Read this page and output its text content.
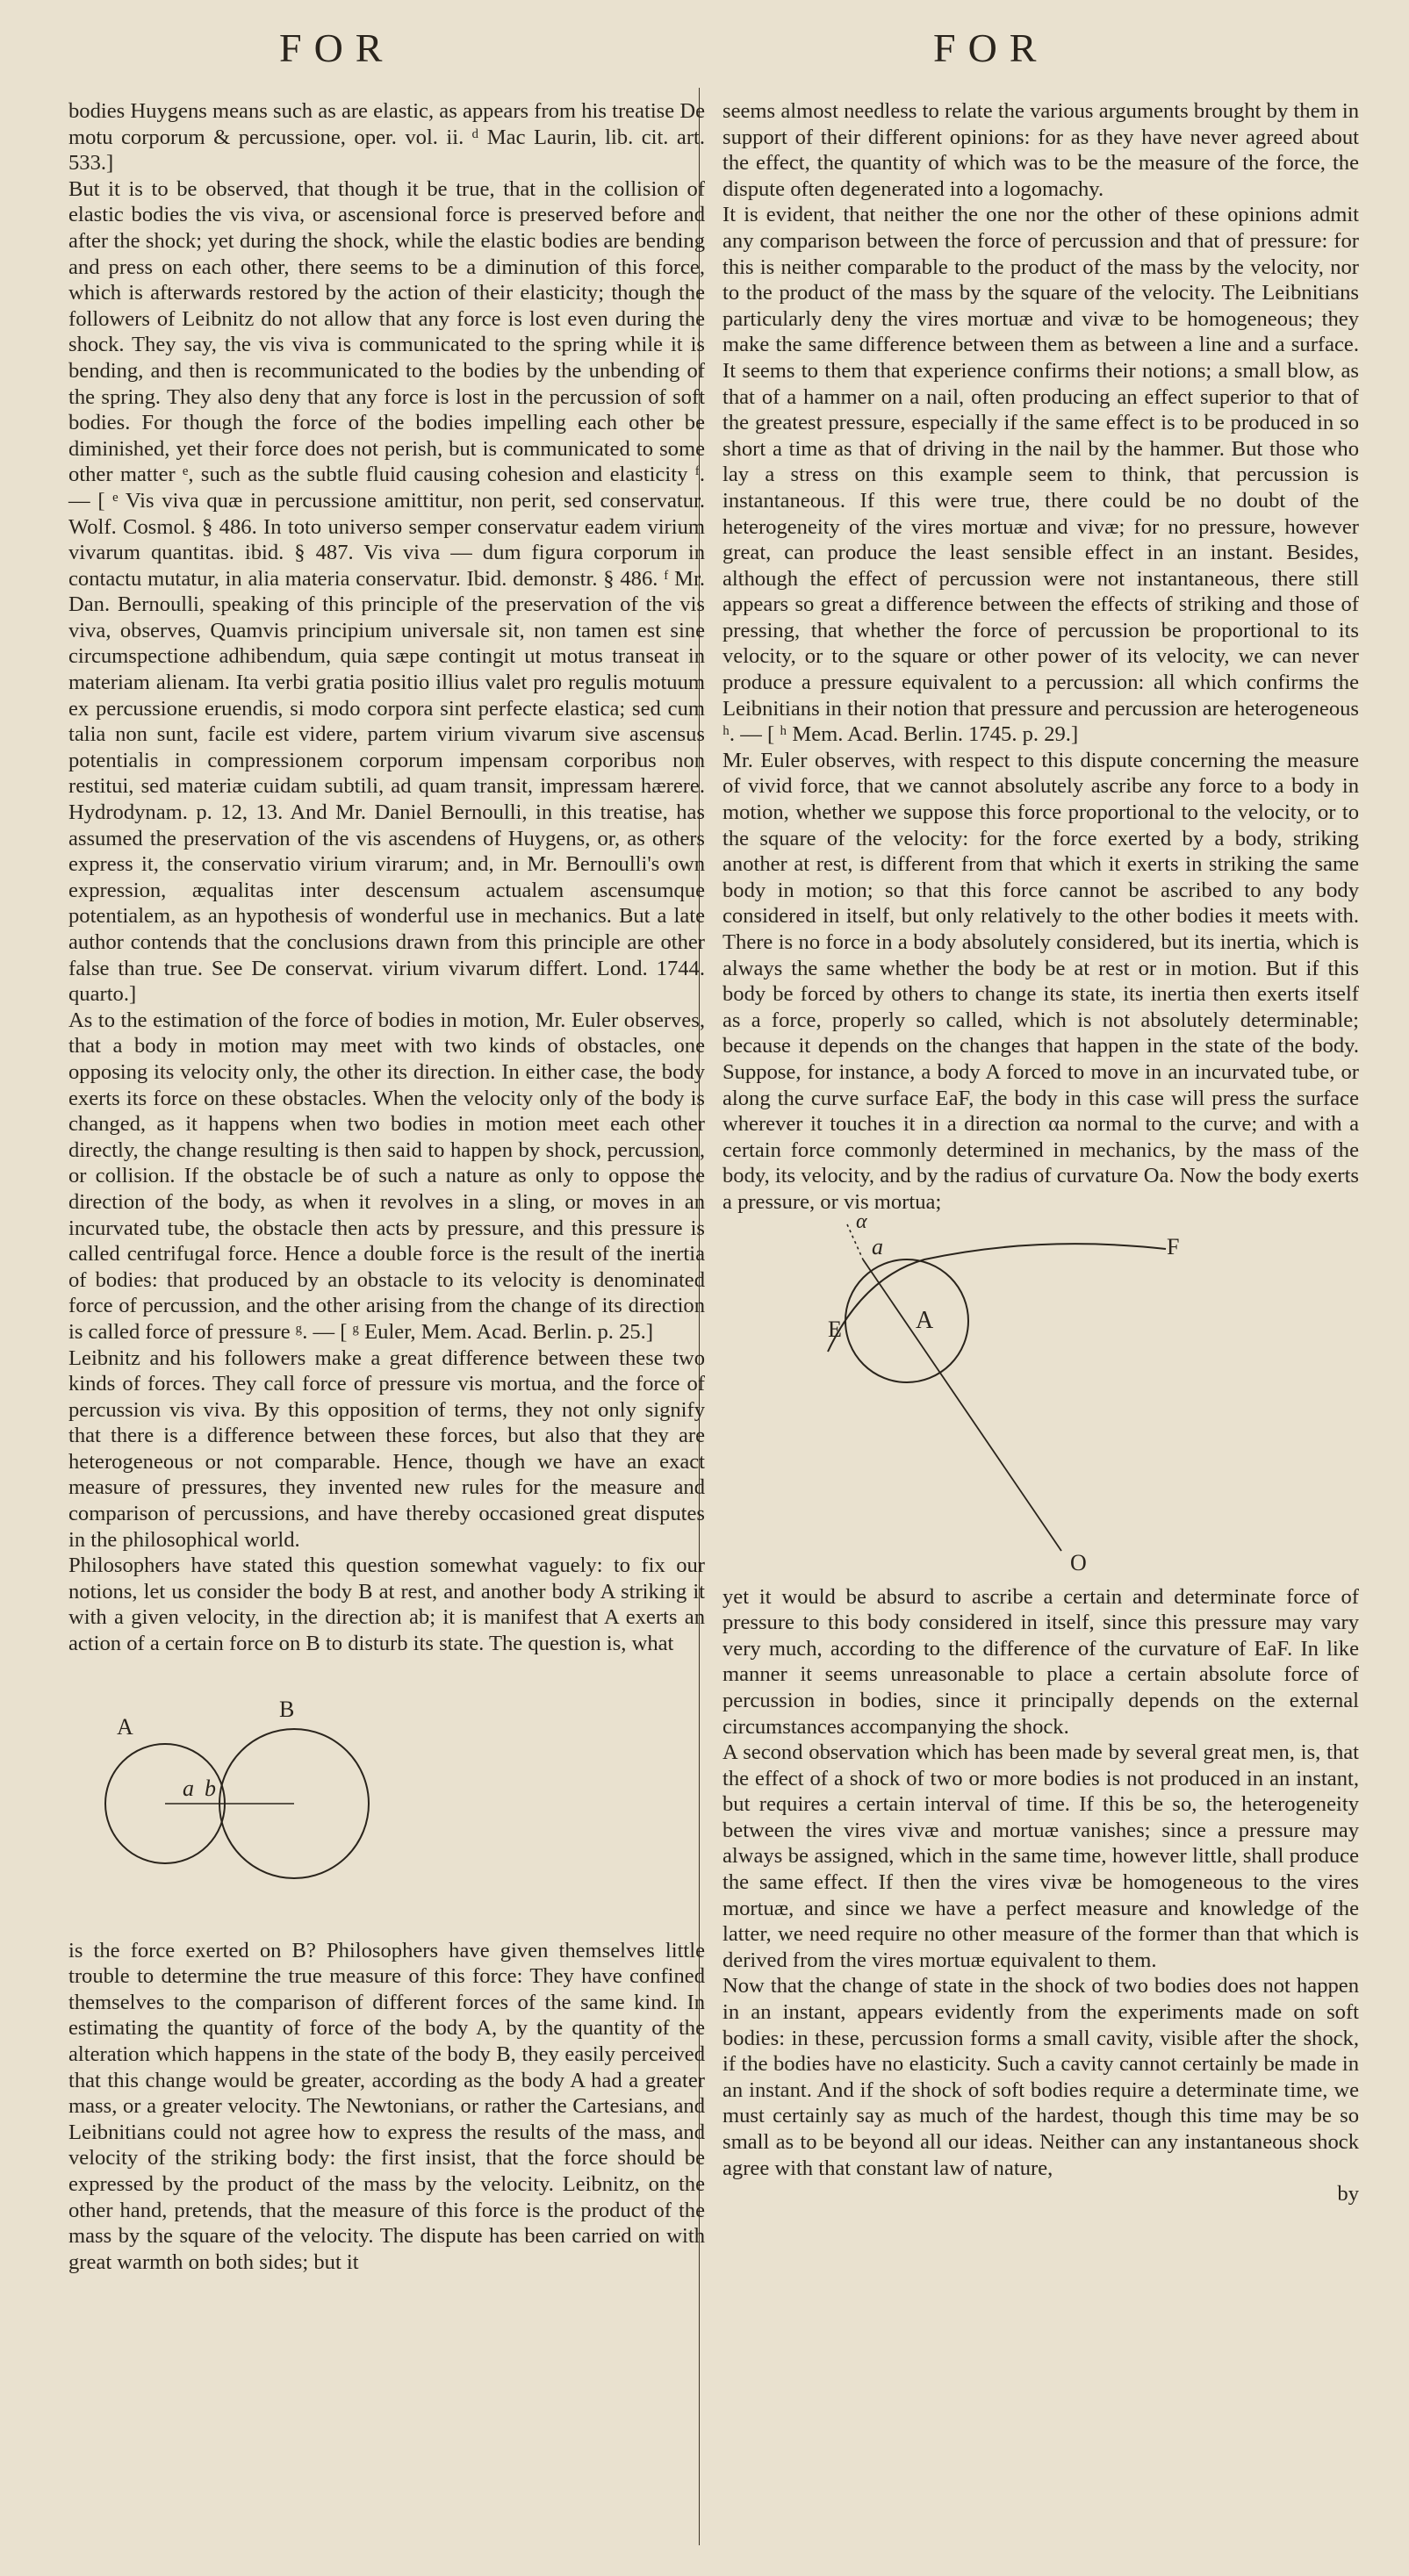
FOR	FOR

bodies Huygens means such as are elastic, as appears from his treatise De motu corporum & percussione, oper. vol. ii. ᵈ Mac Laurin, lib. cit. art. 533.]

But it is to be observed, that though it be true, that in the collision of elastic bodies the vis viva, or ascensional force is preserved before and after the shock; yet during the shock, while the elastic bodies are bending and press on each other, there seems to be a diminution of this force, which is afterwards restored by the action of their elasticity; though the followers of Leibnitz do not allow that any force is lost even during the shock. They say, the vis viva is communicated to the spring while it is bending, and then is recommunicated to the bodies by the unbending of the spring. They also deny that any force is lost in the percussion of soft bodies. For though the force of the bodies impelling each other be diminished, yet their force does not perish, but is communicated to some other matter ᵉ, such as the subtle fluid causing cohesion and elasticity ᶠ. — [ ᵉ Vis viva quæ in percussione amittitur, non perit, sed conservatur. Wolf. Cosmol. § 486. In toto universo semper conservatur eadem virium vivarum quantitas. ibid. § 487. Vis viva — dum figura corporum in contactu mutatur, in alia materia conservatur. Ibid. demonstr. § 486. ᶠ Mr. Dan. Bernoulli, speaking of this principle of the preservation of the vis viva, observes, Quamvis principium universale sit, non tamen est sine circumspectione adhibendum, quia sæpe contingit ut motus transeat in materiam alienam. Ita verbi gratia positio illius valet pro regulis motuum ex percussione eruendis, si modo corpora sint perfecte elastica; sed cum talia non sunt, facile est videre, partem virium vivarum sive ascensus potentialis in compressionem corporum impensam corporibus non restitui, sed materiæ cuidam subtili, ad quam transit, impressam hærere. Hydrodynam. p. 12, 13. And Mr. Daniel Bernoulli, in this treatise, has assumed the preservation of the vis ascendens of Huygens, or, as others express it, the conservatio virium virarum; and, in Mr. Bernoulli's own expression, æqualitas inter descensum actualem ascensumque potentialem, as an hypothesis of wonderful use in mechanics. But a late author contends that the conclusions drawn from this principle are other false than true. See De conservat. virium vivarum differt. Lond. 1744. quarto.]

As to the estimation of the force of bodies in motion, Mr. Euler observes, that a body in motion may meet with two kinds of obstacles, one opposing its velocity only, the other its direction. In either case, the body exerts its force on these obstacles. When the velocity only of the body is changed, as it happens when two bodies in motion meet each other directly, the change resulting is then said to happen by shock, percussion, or collision. If the obstacle be of such a nature as only to oppose the direction of the body, as when it revolves in a sling, or moves in an incurvated tube, the obstacle then acts by pressure, and this pressure is called centrifugal force. Hence a double force is the result of the inertia of bodies: that produced by an obstacle to its velocity is denominated force of percussion, and the other arising from the change of its direction is called force of pressure ᵍ. — [ ᵍ Euler, Mem. Acad. Berlin. p. 25.]

Leibnitz and his followers make a great difference between these two kinds of forces. They call force of pressure vis mortua, and the force of percussion vis viva. By this opposition of terms, they not only signify that there is a difference between these forces, but also that they are heterogeneous or not comparable. Hence, though we have an exact measure of pressures, they invented new rules for the measure and comparison of percussions, and have thereby occasioned great disputes in the philosophical world.

Philosophers have stated this question somewhat vaguely: to fix our notions, let us consider the body B at rest, and another body A striking it with a given velocity, in the direction ab; it is manifest that A exerts an action of a certain force on B to disturb its state. The question is, what

A
B
a b

is the force exerted on B? Philosophers have given themselves little trouble to determine the true measure of this force: They have confined themselves to the comparison of different forces of the same kind. In estimating the quantity of force of the body A, by the quantity of the alteration which happens in the state of the body B, they easily perceived that this change would be greater, according as the body A had a greater mass, or a greater velocity. The Newtonians, or rather the Cartesians, and Leibnitians could not agree how to express the results of the mass, and velocity of the striking body: the first insist, that the force should be expressed by the product of the mass by the velocity. Leibnitz, on the other hand, pretends, that the measure of this force is the product of the mass by the square of the velocity. The dispute has been carried on with great warmth on both sides; but it

seems almost needless to relate the various arguments brought by them in support of their different opinions: for as they have never agreed about the effect, the quantity of which was to be the measure of the force, the dispute often degenerated into a logomachy.

It is evident, that neither the one nor the other of these opinions admit any comparison between the force of percussion and that of pressure: for this is neither comparable to the product of the mass by the velocity, nor to the product of the mass by the square of the velocity. The Leibnitians particularly deny the vires mortuæ and vivæ to be homogeneous; they make the same difference between them as between a line and a surface. It seems to them that experience confirms their notions; a small blow, as that of a hammer on a nail, often producing an effect superior to that of the greatest pressure, especially if the same effect is to be produced in so short a time as that of driving in the nail by the hammer. But those who lay a stress on this example seem to think, that percussion is instantaneous. If this were true, there could be no doubt of the heterogeneity of the vires mortuæ and vivæ; for no pressure, however great, can produce the least sensible effect in an instant. Besides, although the effect of percussion were not instantaneous, there still appears so great a difference between the effects of striking and those of pressing, that whether the force of percussion be proportional to its velocity, or to the square or other power of its velocity, we can never produce a pressure equivalent to a percussion: all which confirms the Leibnitians in their notion that pressure and percussion are heterogeneous ʰ. — [ ʰ Mem. Acad. Berlin. 1745. p. 29.]

Mr. Euler observes, with respect to this dispute concerning the measure of vivid force, that we cannot absolutely ascribe any force to a body in motion, whether we suppose this force proportional to the velocity, or to the square of the velocity: for the force exerted by a body, striking another at rest, is different from that which it exerts in striking the same body in motion; so that this force cannot be ascribed to any body considered in itself, but only relatively to the other bodies it meets with. There is no force in a body absolutely considered, but its inertia, which is always the same whether the body be at rest or in motion. But if this body be forced by others to change its state, its inertia then exerts itself as a force, properly so called, which is not absolutely determinable; because it depends on the changes that happen in the state of the body. Suppose, for instance, a body A forced to move in an incurvated tube, or along the curve surface EaF, the body in this case will press the surface wherever it touches it in a direction αa normal to the curve; and with a certain force commonly determined in mechanics, by the mass of the body, its velocity, and by the radius of curvature Oa. Now the body exerts a pressure, or vis mortua;

α
a
A
E
F
O

yet it would be absurd to ascribe a certain and determinate force of pressure to this body considered in itself, since this pressure may vary very much, according to the difference of the curvature of EaF. In like manner it seems unreasonable to place a certain absolute force of percussion in bodies, since it principally depends on the external circumstances accompanying the shock.

A second observation which has been made by several great men, is, that the effect of a shock of two or more bodies is not produced in an instant, but requires a certain interval of time. If this be so, the heterogeneity between the vires vivæ and mortuæ vanishes; since a pressure may always be assigned, which in the same time, however little, shall produce the same effect. If then the vires vivæ be homogeneous to the vires mortuæ, and since we have a perfect measure and knowledge of the latter, we need require no other measure of the former than that which is derived from the vires mortuæ equivalent to them.

Now that the change of state in the shock of two bodies does not happen in an instant, appears evidently from the experiments made on soft bodies: in these, percussion forms a small cavity, visible after the shock, if the bodies have no elasticity. Such a cavity cannot certainly be made in an instant. And if the shock of soft bodies require a determinate time, we must certainly say as much of the hardest, though this time may be so small as to be beyond all our ideas. Neither can any instantaneous shock agree with that constant law of nature,

by
